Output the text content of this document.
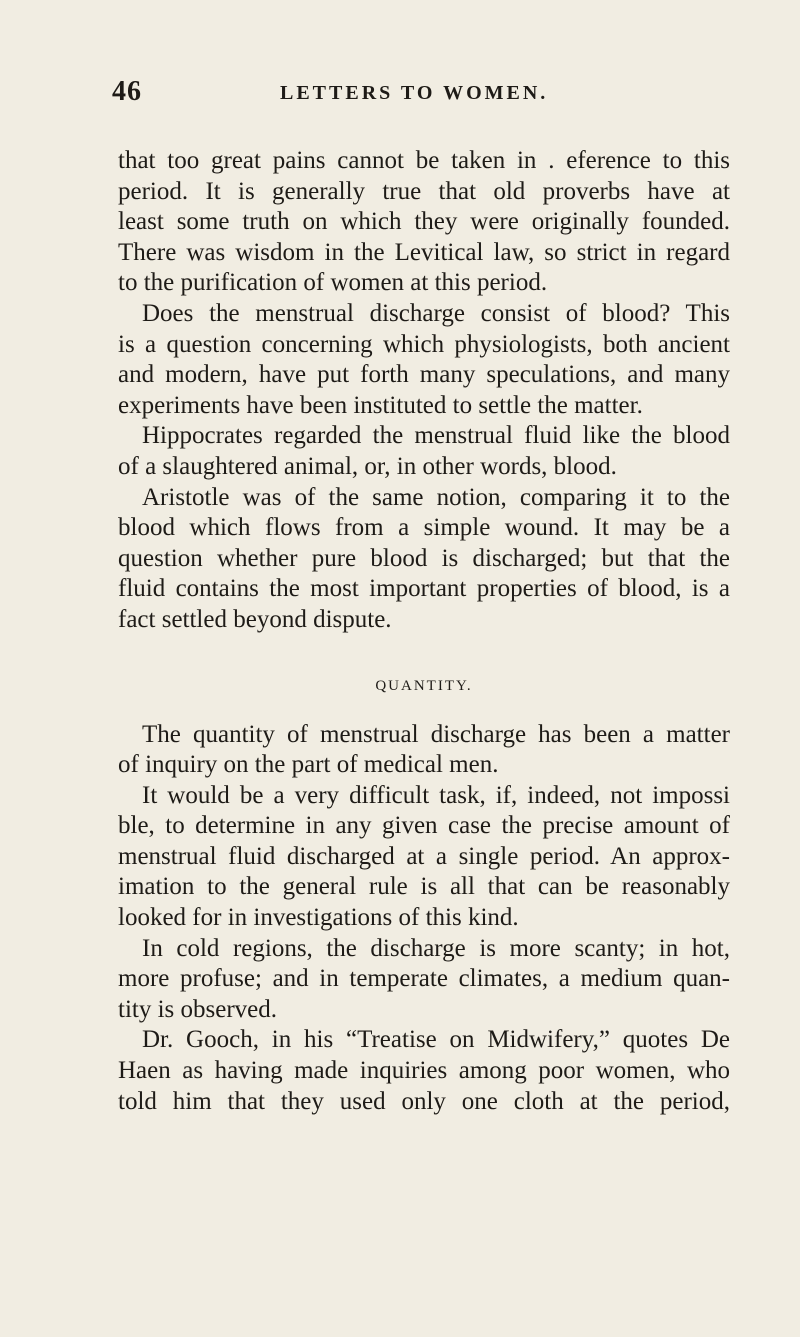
46	LETTERS TO WOMEN.
that too great pains cannot be taken in . eference to this
period. It is generally true that old proverbs have at
least some truth on which they were originally founded.
There was wisdom in the Levitical law, so strict in regard
to the purification of women at this period.
Does the menstrual discharge consist of blood? This
is a question concerning which physiologists, both ancient
and modern, have put forth many speculations, and many
experiments have been instituted to settle the matter.
Hippocrates regarded the menstrual fluid like the blood
of a slaughtered animal, or, in other words, blood.
Aristotle was of the same notion, comparing it to the
blood which flows from a simple wound. It may be a
question whether pure blood is discharged; but that the
fluid contains the most important properties of blood, is a
fact settled beyond dispute.
QUANTITY.
The quantity of menstrual discharge has been a matter
of inquiry on the part of medical men.
It would be a very difficult task, if, indeed, not impossi
ble, to determine in any given case the precise amount of
menstrual fluid discharged at a single period. An approx-
imation to the general rule is all that can be reasonably
looked for in investigations of this kind.
In cold regions, the discharge is more scanty; in hot,
more profuse; and in temperate climates, a medium quan-
tity is observed.
Dr. Gooch, in his “Treatise on Midwifery,” quotes De
Haen as having made inquiries among poor women, who
told him that they used only one cloth at the period,
